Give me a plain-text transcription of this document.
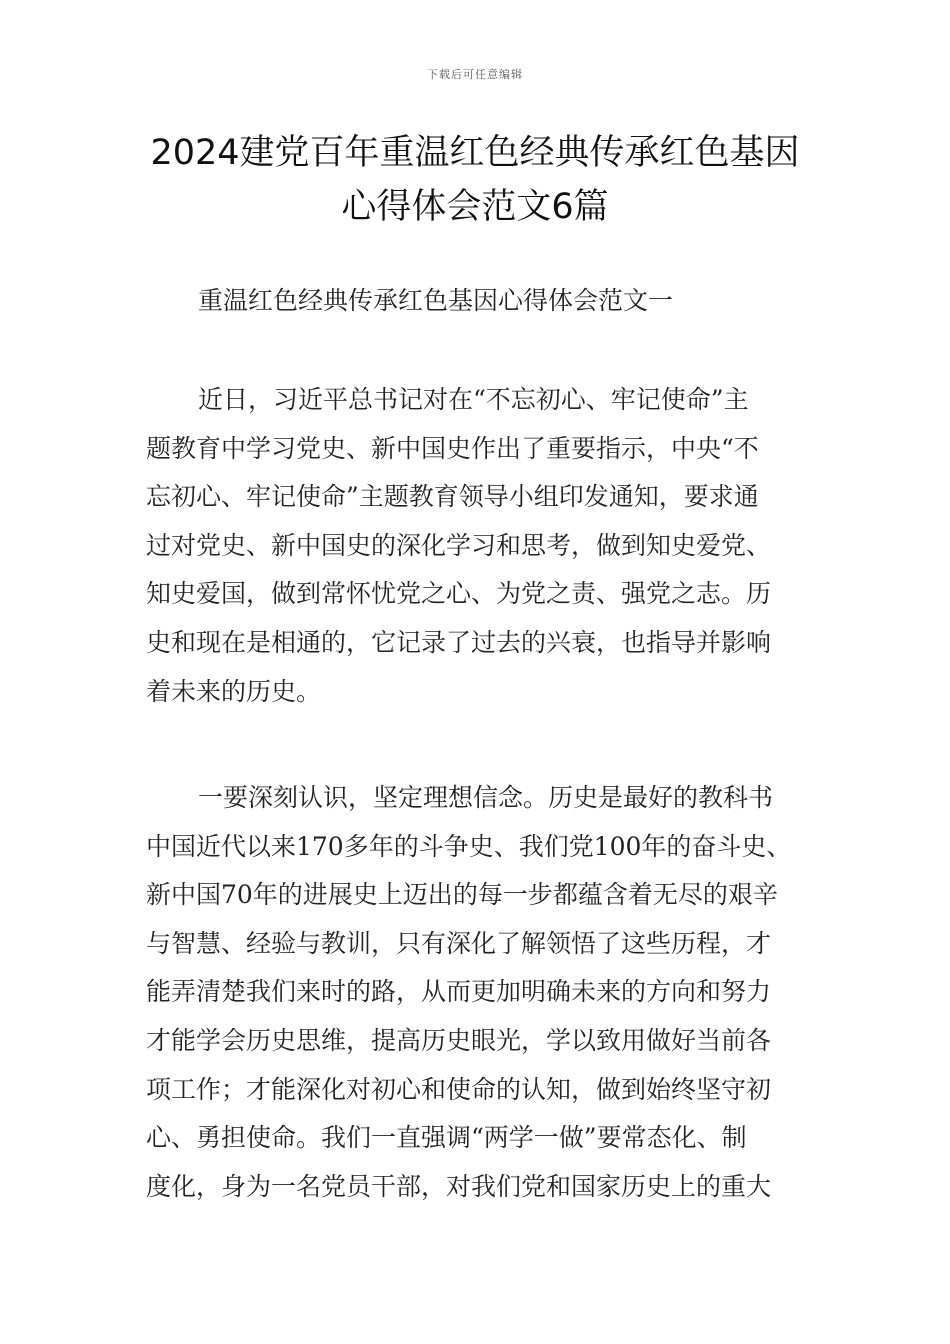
下载后可任意编辑
2024建党百年重温红色经典传承红色基因
心得体会范文6篇
重温红色经典传承红色基因心得体会范文一
近日，习近平总书记对在“不忘初心、牢记使命”主
题教育中学习党史、新中国史作出了重要指示，中央“不
忘初心、牢记使命”主题教育领导小组印发通知，要求通
过对党史、新中国史的深化学习和思考，做到知史爱党、
知史爱国，做到常怀忧党之心、为党之责、强党之志。历
史和现在是相通的，它记录了过去的兴衰，也指导并影响
着未来的历史。
一要深刻认识，坚定理想信念。历史是最好的教科书
中国近代以来170多年的斗争史、我们党100年的奋斗史、
新中国70年的进展史上迈出的每一步都蕴含着无尽的艰辛
与智慧、经验与教训，只有深化了解领悟了这些历程，才
能弄清楚我们来时的路，从而更加明确未来的方向和努力
才能学会历史思维，提高历史眼光，学以致用做好当前各
项工作；才能深化对初心和使命的认知，做到始终坚守初
心、勇担使命。我们一直强调“两学一做”要常态化、制
度化，身为一名党员干部，对我们党和国家历史上的重大
